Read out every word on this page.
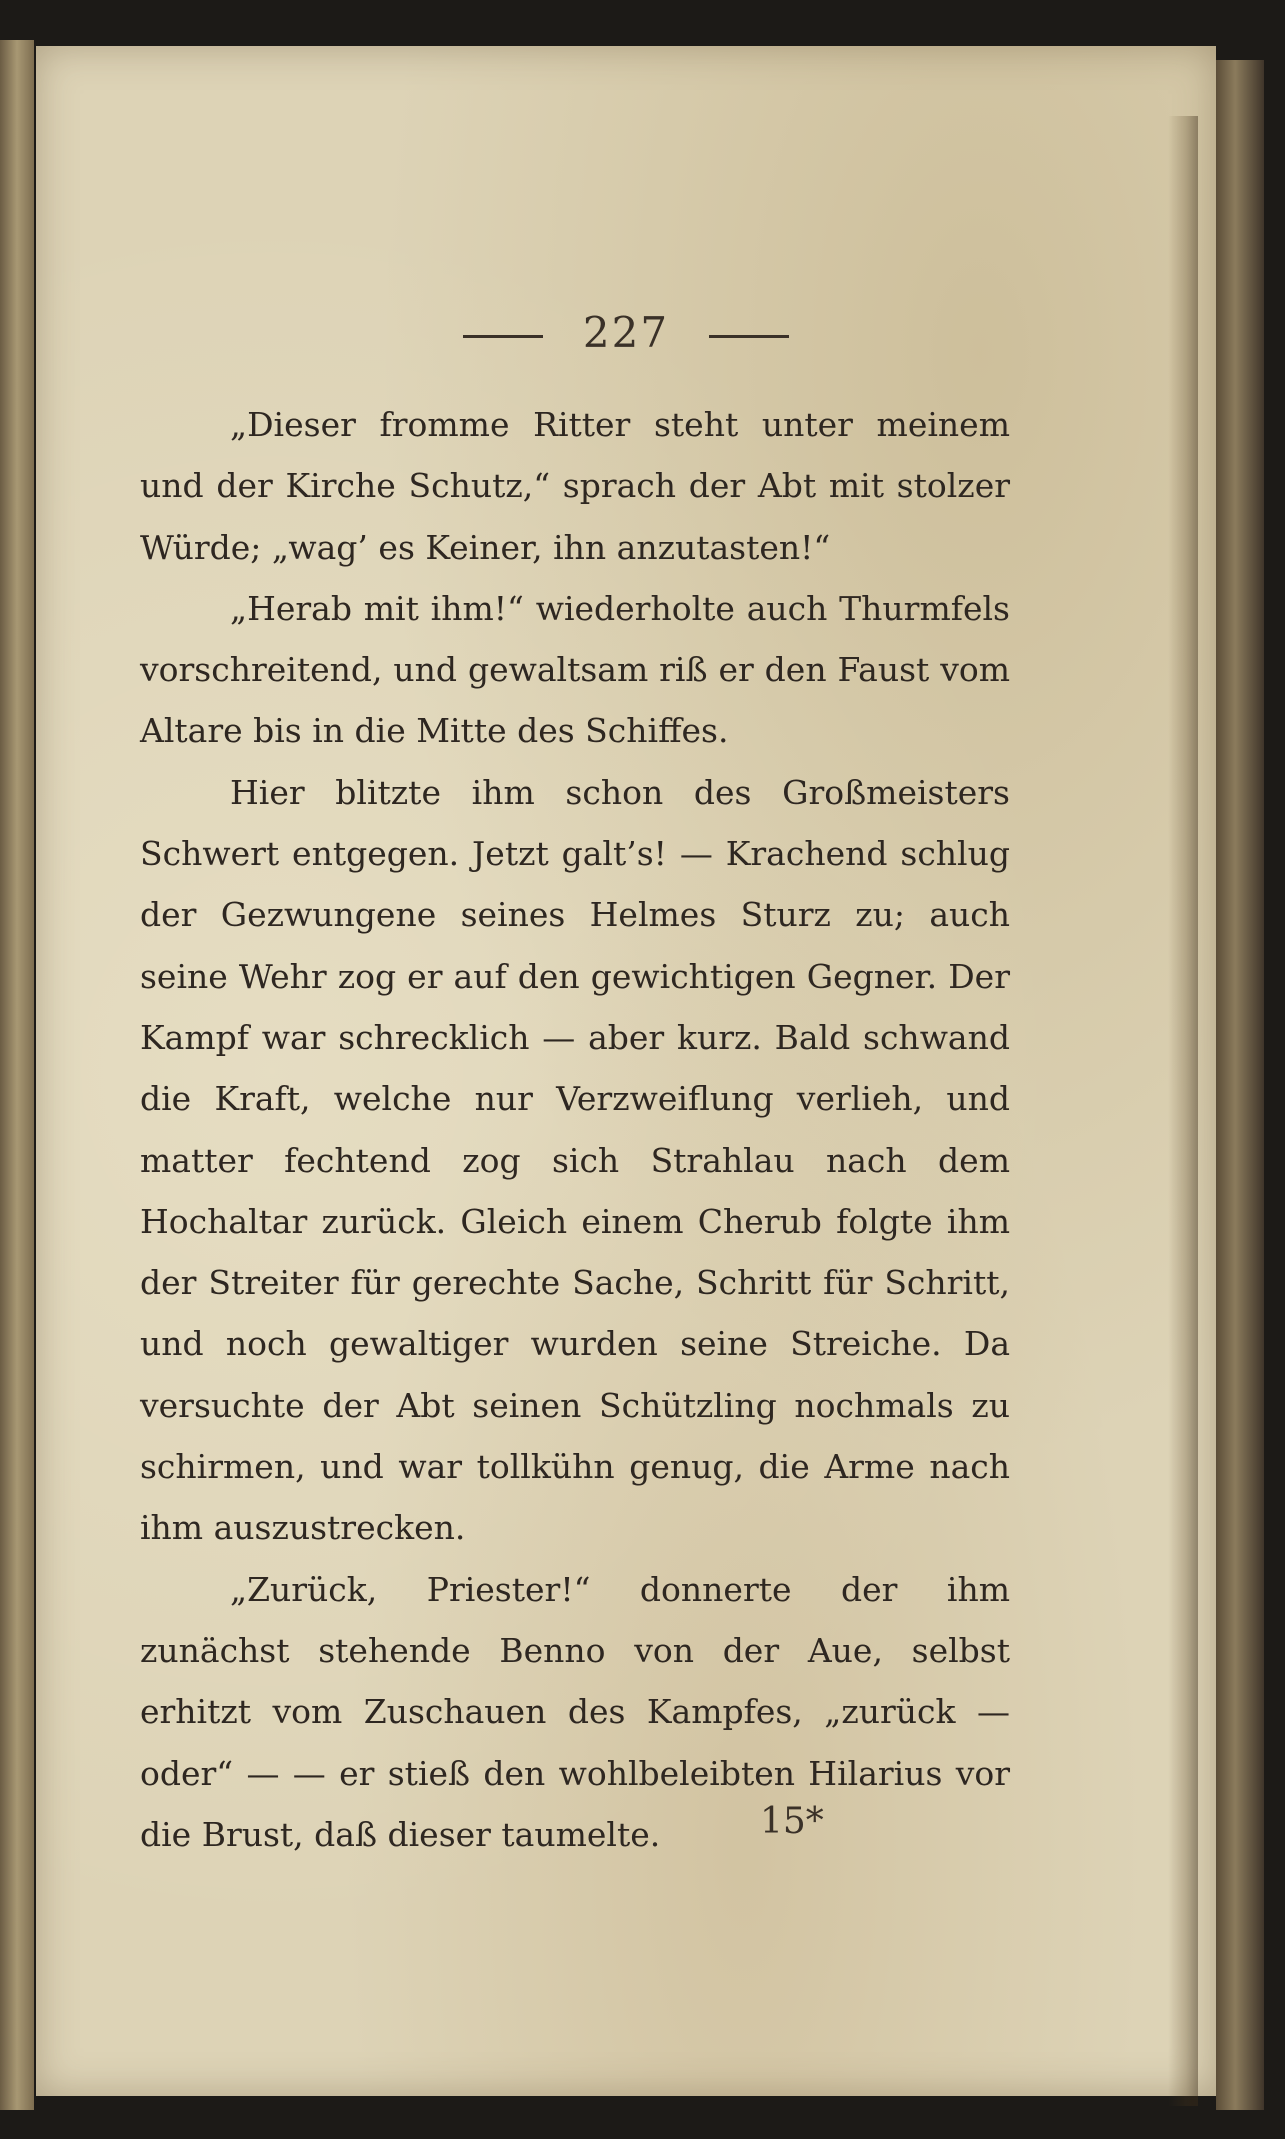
227

„Dieser fromme Ritter steht unter meinem und der Kirche Schutz,“ sprach der Abt mit stolzer Würde; „wag’ es Keiner, ihn anzutasten!“

„Herab mit ihm!“ wiederholte auch Thurmfels vorschreitend, und gewaltsam riß er den Faust vom Altare bis in die Mitte des Schiffes.

Hier blitzte ihm schon des Großmeisters Schwert entgegen. Jetzt galt’s! — Krachend schlug der Gezwungene seines Helmes Sturz zu; auch seine Wehr zog er auf den gewichtigen Gegner. Der Kampf war schrecklich — aber kurz. Bald schwand die Kraft, welche nur Verzweiflung verlieh, und matter fechtend zog sich Strahlau nach dem Hochaltar zurück. Gleich einem Cherub folgte ihm der Streiter für gerechte Sache, Schritt für Schritt, und noch gewaltiger wurden seine Streiche. Da versuchte der Abt seinen Schützling nochmals zu schirmen, und war tollkühn genug, die Arme nach ihm auszustrecken.

„Zurück, Priester!“ donnerte der ihm zunächst stehende Benno von der Aue, selbst erhitzt vom Zuschauen des Kampfes, „zurück — oder“ — — er stieß den wohlbeleibten Hilarius vor die Brust, daß dieser taumelte.	15*
